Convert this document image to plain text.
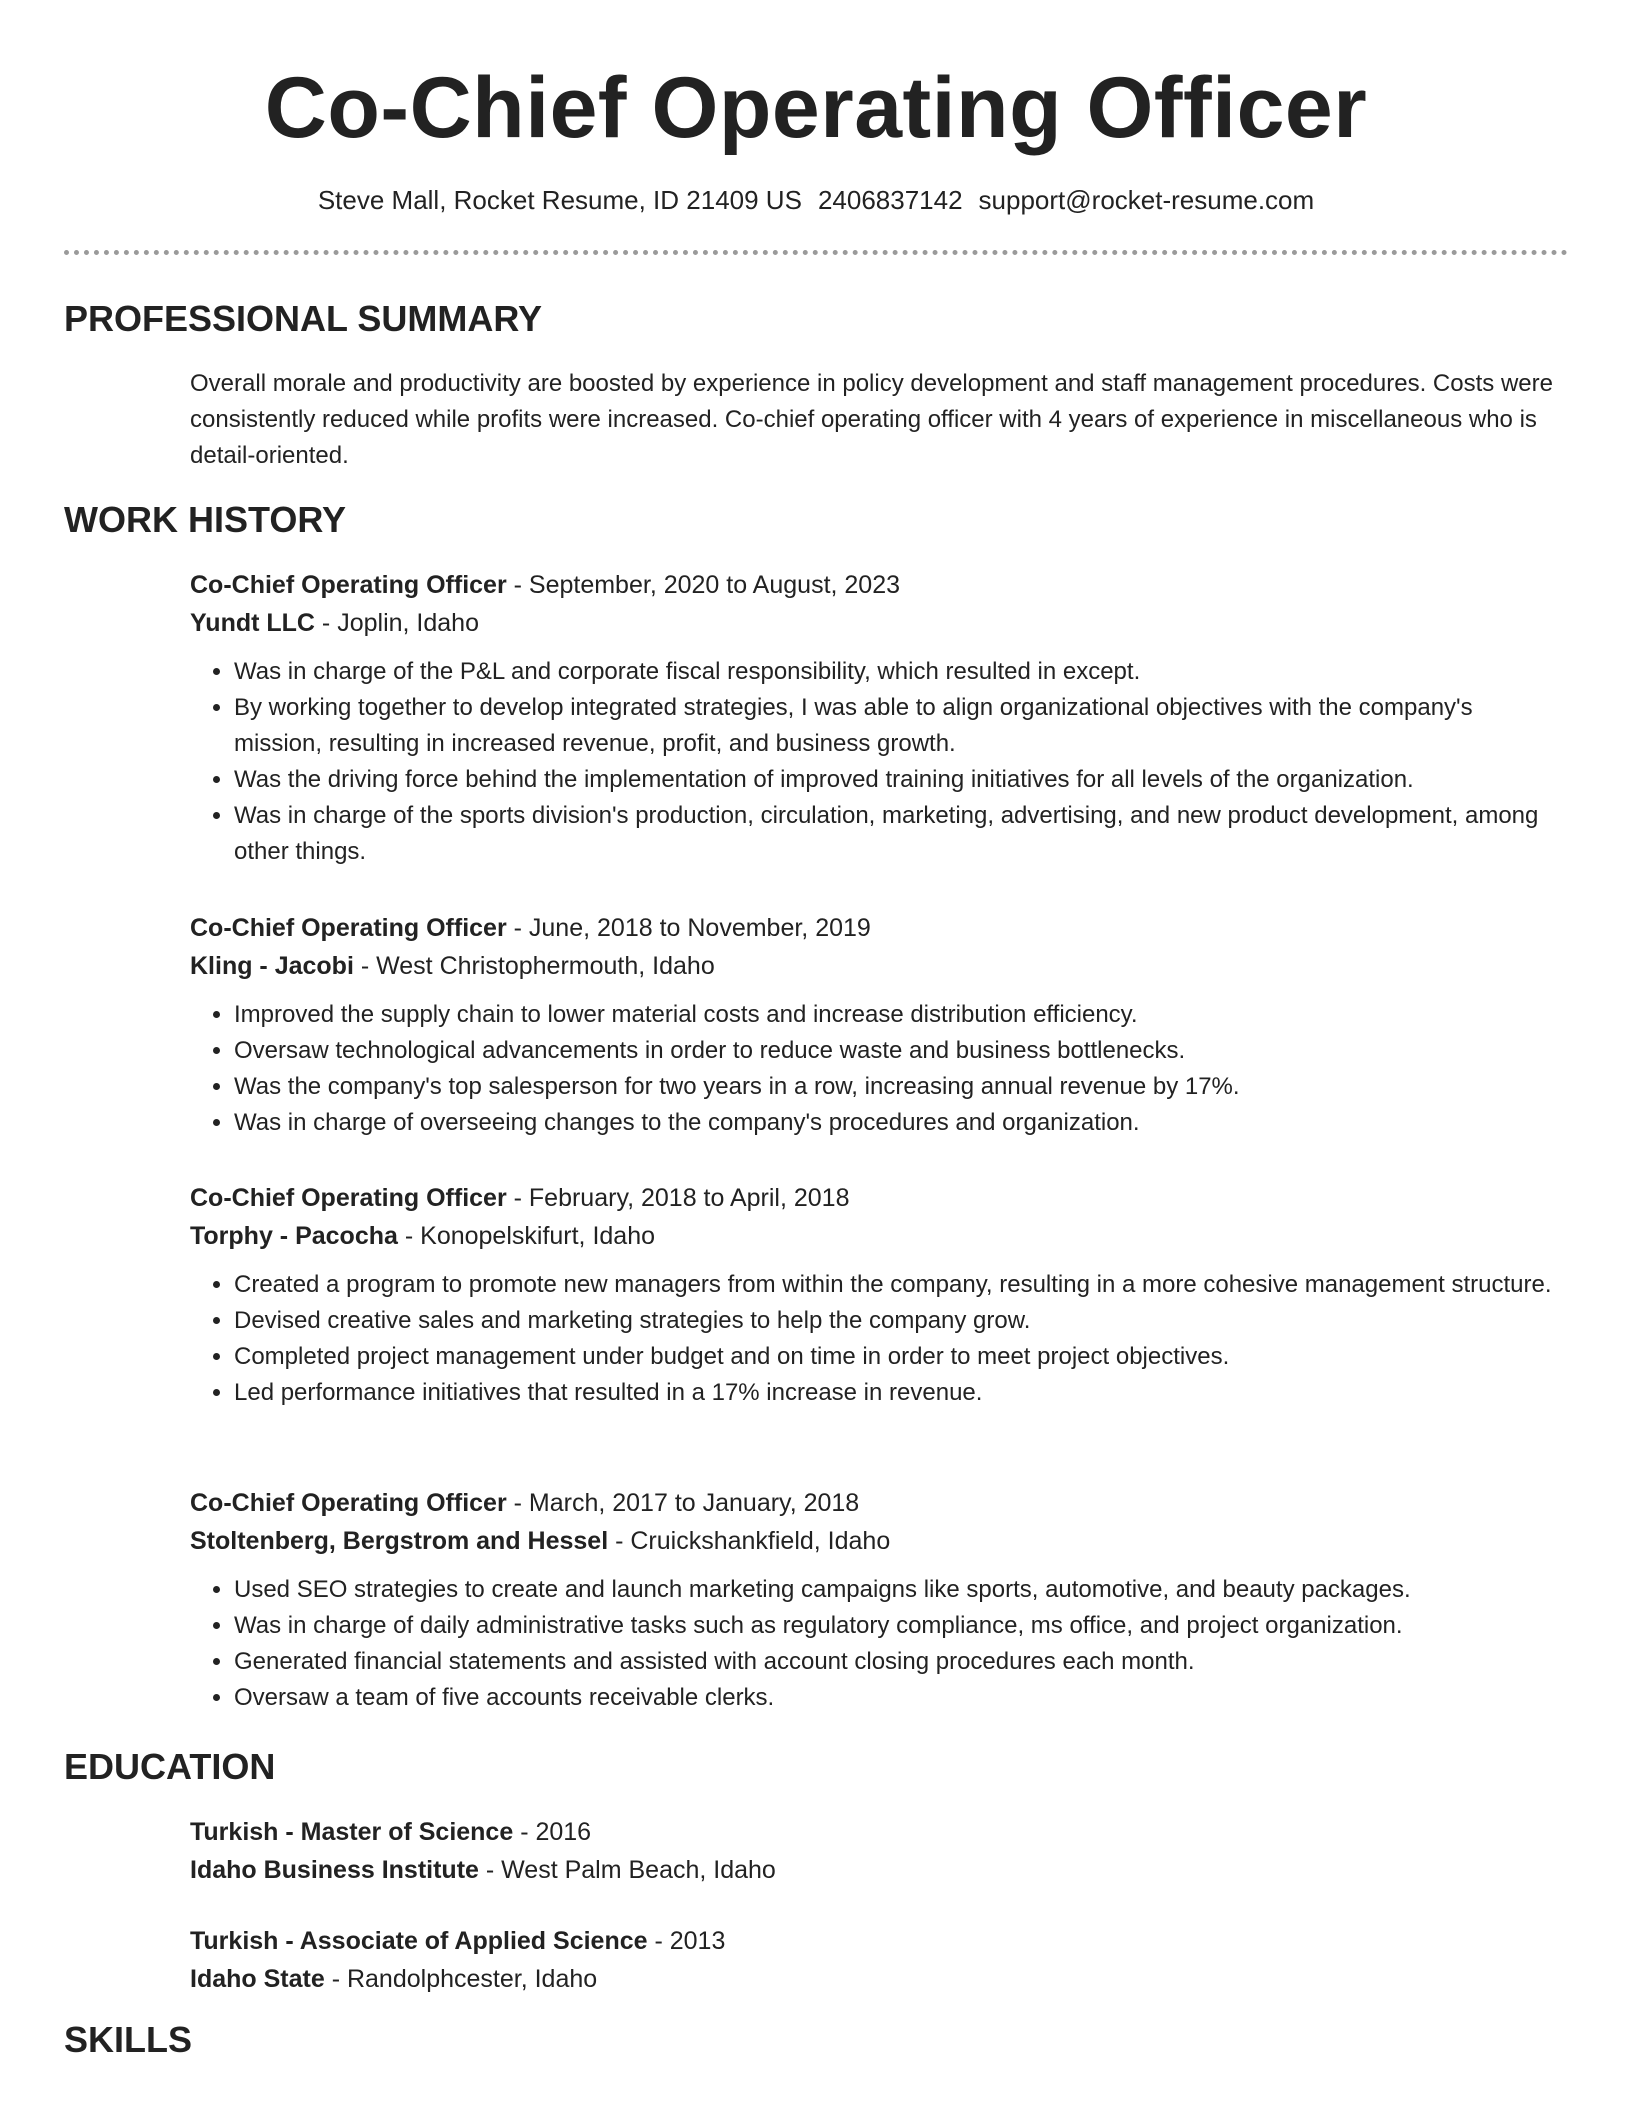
Co-Chief Operating Officer
Steve Mall, Rocket Resume, ID 21409 US 2406837142 support@rocket-resume.com
PROFESSIONAL SUMMARY
Overall morale and productivity are boosted by experience in policy development and staff management procedures. Costs were consistently reduced while profits were increased. Co-chief operating officer with 4 years of experience in miscellaneous who is detail-oriented.
WORK HISTORY
Co-Chief Operating Officer - September, 2020 to August, 2023
Yundt LLC - Joplin, Idaho
• Was in charge of the P&L and corporate fiscal responsibility, which resulted in except.
• By working together to develop integrated strategies, I was able to align organizational objectives with the company's mission, resulting in increased revenue, profit, and business growth.
• Was the driving force behind the implementation of improved training initiatives for all levels of the organization.
• Was in charge of the sports division's production, circulation, marketing, advertising, and new product development, among other things.
Co-Chief Operating Officer - June, 2018 to November, 2019
Kling - Jacobi - West Christophermouth, Idaho
• Improved the supply chain to lower material costs and increase distribution efficiency.
• Oversaw technological advancements in order to reduce waste and business bottlenecks.
• Was the company's top salesperson for two years in a row, increasing annual revenue by 17%.
• Was in charge of overseeing changes to the company's procedures and organization.
Co-Chief Operating Officer - February, 2018 to April, 2018
Torphy - Pacocha - Konopelskifurt, Idaho
• Created a program to promote new managers from within the company, resulting in a more cohesive management structure.
• Devised creative sales and marketing strategies to help the company grow.
• Completed project management under budget and on time in order to meet project objectives.
• Led performance initiatives that resulted in a 17% increase in revenue.
Co-Chief Operating Officer - March, 2017 to January, 2018
Stoltenberg, Bergstrom and Hessel - Cruickshankfield, Idaho
• Used SEO strategies to create and launch marketing campaigns like sports, automotive, and beauty packages.
• Was in charge of daily administrative tasks such as regulatory compliance, ms office, and project organization.
• Generated financial statements and assisted with account closing procedures each month.
• Oversaw a team of five accounts receivable clerks.
EDUCATION
Turkish - Master of Science - 2016
Idaho Business Institute - West Palm Beach, Idaho
Turkish - Associate of Applied Science - 2013
Idaho State - Randolphcester, Idaho
SKILLS
